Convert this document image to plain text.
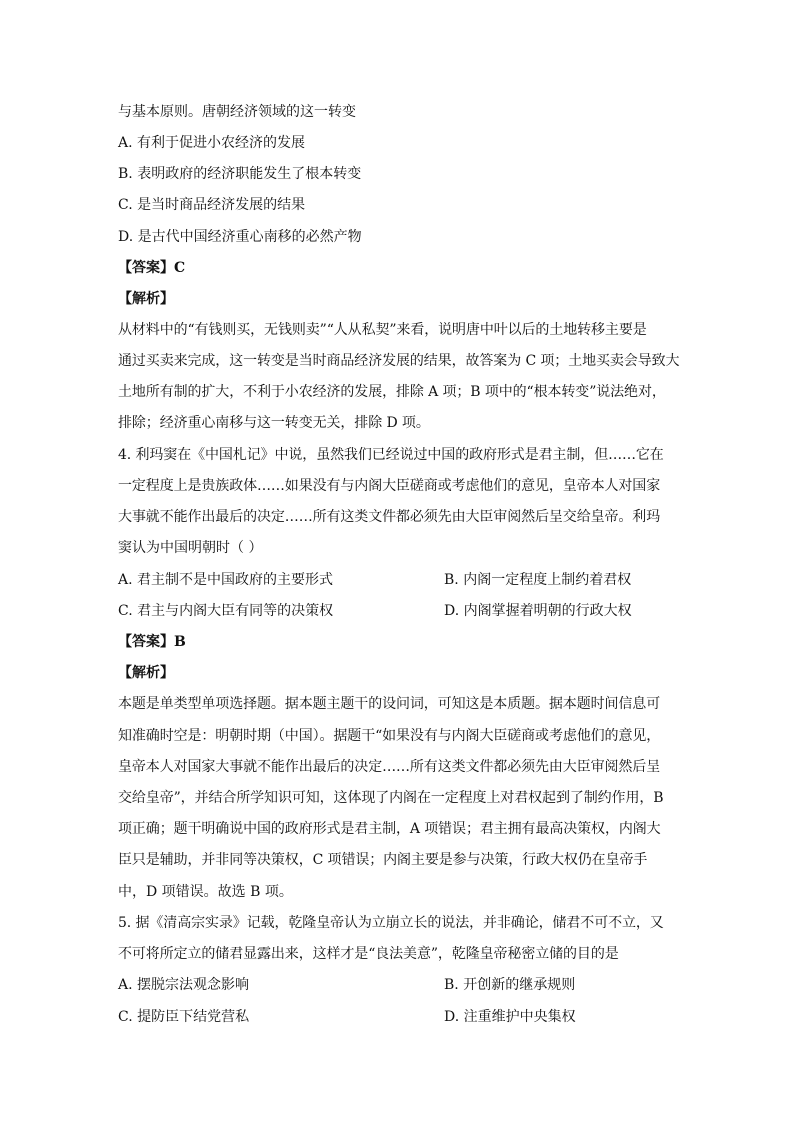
与基本原则。唐朝经济领域的这一转变
A. 有利于促进小农经济的发展
B. 表明政府的经济职能发生了根本转变
C. 是当时商品经济发展的结果
D. 是古代中国经济重心南移的必然产物
【答案】C
【解析】
从材料中的“有钱则买，无钱则卖”“人从私契”来看，说明唐中叶以后的土地转移主要是
通过买卖来完成，这一转变是当时商品经济发展的结果，故答案为 C 项；土地买卖会导致大
土地所有制的扩大，不利于小农经济的发展，排除 A 项；B 项中的“根本转变”说法绝对，
排除；经济重心南移与这一转变无关，排除 D 项。
4. 利玛窦在《中国札记》中说，虽然我们已经说过中国的政府形式是君主制，但……它在
一定程度上是贵族政体……如果没有与内阁大臣磋商或考虑他们的意见，皇帝本人对国家
大事就不能作出最后的决定……所有这类文件都必须先由大臣审阅然后呈交给皇帝。利玛
窦认为中国明朝时（ ）
A. 君主制不是中国政府的主要形式	B. 内阁一定程度上制约着君权
C. 君主与内阁大臣有同等的决策权	D. 内阁掌握着明朝的行政大权
【答案】B
【解析】
本题是单类型单项选择题。据本题主题干的设问词，可知这是本质题。据本题时间信息可
知准确时空是：明朝时期（中国）。据题干“如果没有与内阁大臣磋商或考虑他们的意见，
皇帝本人对国家大事就不能作出最后的决定……所有这类文件都必须先由大臣审阅然后呈
交给皇帝”，并结合所学知识可知，这体现了内阁在一定程度上对君权起到了制约作用，B
项正确；题干明确说中国的政府形式是君主制，A 项错误；君主拥有最高决策权，内阁大
臣只是辅助，并非同等决策权，C 项错误；内阁主要是参与决策，行政大权仍在皇帝手
中，D 项错误。故选 B 项。
5. 据《清高宗实录》记载，乾隆皇帝认为立崩立长的说法，并非确论，储君不可不立，又
不可将所定立的储君显露出来，这样才是“良法美意”，乾隆皇帝秘密立储的目的是
A. 摆脱宗法观念影响	B. 开创新的继承规则
C. 提防臣下结党营私	D. 注重维护中央集权
